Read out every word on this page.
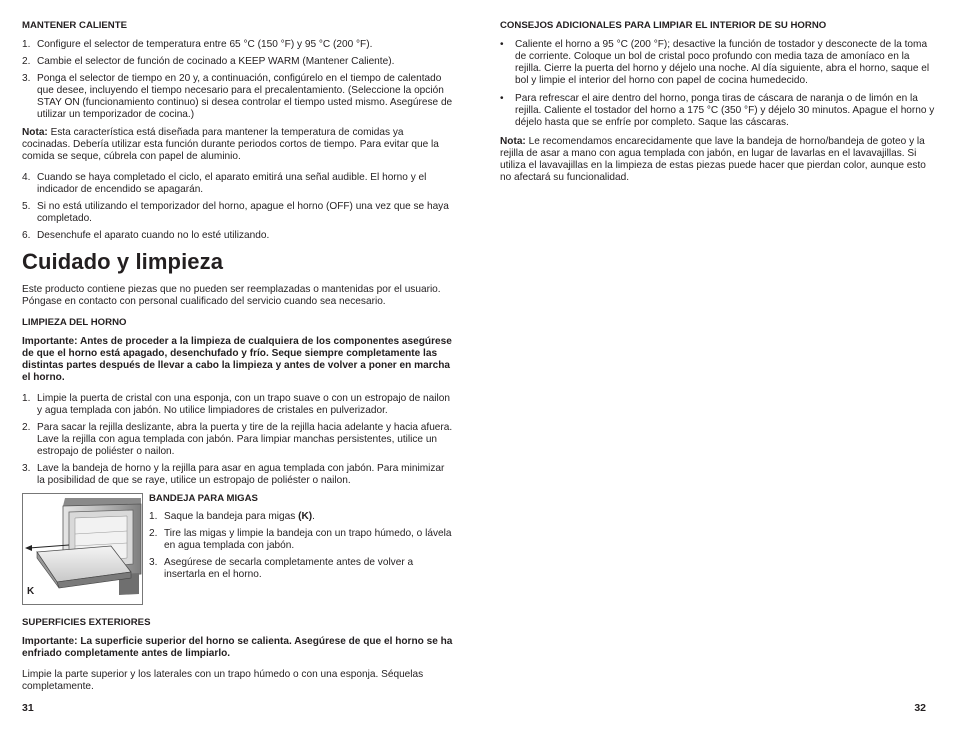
MANTENER CALIENTE
1. Configure el selector de temperatura entre 65 °C (150 °F) y 95 °C (200 °F).
2. Cambie el selector de función de cocinado a KEEP WARM (Mantener Caliente).
3. Ponga el selector de tiempo en 20 y, a continuación, configúrelo en el tiempo de calentado que desee, incluyendo el tiempo necesario para el precalentamiento. (Seleccione la opción STAY ON (funcionamiento continuo) si desea controlar el tiempo usted mismo. Asegúrese de utilizar un temporizador de cocina.)
Nota: Esta característica está diseñada para mantener la temperatura de comidas ya cocinadas. Debería utilizar esta función durante periodos cortos de tiempo. Para evitar que la comida se seque, cúbrela con papel de aluminio.
4. Cuando se haya completado el ciclo, el aparato emitirá una señal audible. El horno y el indicador de encendido se apagarán.
5. Si no está utilizando el temporizador del horno, apague el horno (OFF) una vez que se haya completado.
6. Desenchufe el aparato cuando no lo esté utilizando.
Cuidado y limpieza
Este producto contiene piezas que no pueden ser reemplazadas o mantenidas por el usuario. Póngase en contacto con personal cualificado del servicio cuando sea necesario.
LIMPIEZA DEL HORNO
Importante: Antes de proceder a la limpieza de cualquiera de los componentes asegúrese de que el horno está apagado, desenchufado y frío. Seque siempre completamente las distintas partes después de llevar a cabo la limpieza y antes de volver a poner en marcha el horno.
1. Limpie la puerta de cristal con una esponja, con un trapo suave o con un estropajo de nailon y agua templada con jabón. No utilice limpiadores de cristales en pulverizador.
2. Para sacar la rejilla deslizante, abra la puerta y tire de la rejilla hacia adelante y hacia afuera. Lave la rejilla con agua templada con jabón. Para limpiar manchas persistentes, utilice un estropajo de poliéster o nailon.
3. Lave la bandeja de horno y la rejilla para asar en agua templada con jabón. Para minimizar la posibilidad de que se raye, utilice un estropajo de poliéster o nailon.
K
BANDEJA PARA MIGAS
1. Saque la bandeja para migas (K).
2. Tire las migas y limpie la bandeja con un trapo húmedo, o lávela en agua templada con jabón.
3. Asegúrese de secarla completamente antes de volver a insertarla en el horno.
SUPERFICIES EXTERIORES
Importante: La superficie superior del horno se calienta. Asegúrese de que el horno se ha enfriado completamente antes de limpiarlo.
Limpie la parte superior y los laterales con un trapo húmedo o con una esponja. Séquelas completamente.
31
CONSEJOS ADICIONALES PARA LIMPIAR EL INTERIOR DE SU HORNO
• Caliente el horno a 95 °C (200 °F); desactive la función de tostador y desconecte de la toma de corriente. Coloque un bol de cristal poco profundo con media taza de amoníaco en la rejilla. Cierre la puerta del horno y déjelo una noche. Al día siguiente, abra el horno, saque el bol y limpie el interior del horno con papel de cocina humedecido.
• Para refrescar el aire dentro del horno, ponga tiras de cáscara de naranja o de limón en la rejilla. Caliente el tostador del horno a 175 °C (350 °F) y déjelo 30 minutos. Apague el horno y déjelo hasta que se enfríe por completo. Saque las cáscaras.
Nota: Le recomendamos encarecidamente que lave la bandeja de horno/bandeja de goteo y la rejilla de asar a mano con agua templada con jabón, en lugar de lavarlas en el lavavajillas. Si utiliza el lavavajillas en la limpieza de estas piezas puede hacer que pierdan color, aunque esto no afectará su funcionalidad.
32
